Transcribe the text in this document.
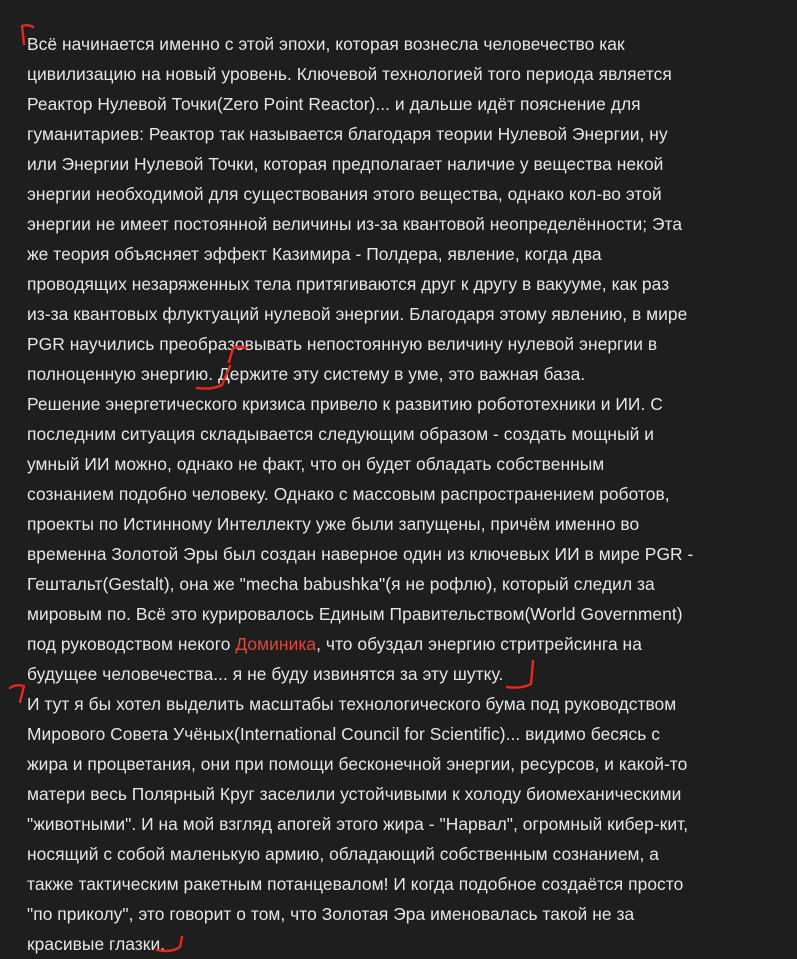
Всё начинается именно с этой эпохи, которая вознесла человечество как
цивилизацию на новый уровень. Ключевой технологией того периода является
Реактор Нулевой Точки(Zero Point Reactor)... и дальше идёт пояснение для
гуманитариев: Реактор так называется благодаря теории Нулевой Энергии, ну
или Энергии Нулевой Точки, которая предполагает наличие у вещества некой
энергии необходимой для существования этого вещества, однако кол-во этой
энергии не имеет постоянной величины из-за квантовой неопределённости; Эта
же теория объясняет эффект Казимира - Полдера, явление, когда два
проводящих незаряженных тела притягиваются друг к другу в вакууме, как раз
из-за квантовых флуктуаций нулевой энергии. Благодаря этому явлению, в мире
PGR научились преобразовывать непостоянную величину нулевой энергии в
полноценную энергию. Держите эту систему в уме, это важная база.

Решение энергетического кризиса привело к развитию робототехники и ИИ. С
последним ситуация складывается следующим образом - создать мощный и
умный ИИ можно, однако не факт, что он будет обладать собственным
сознанием подобно человеку. Однако с массовым распространением роботов,
проекты по Истинному Интеллекту уже были запущены, причём именно во
временна Золотой Эры был создан наверное один из ключевых ИИ в мире PGR -
Гештальт(Gestalt), она же "mecha babushka"(я не рофлю), который следил за
мировым по. Всё это курировалось Единым Правительством(World Government)
под руководством некого Доминика, что обуздал энергию стритрейсинга на
будущее человечества... я не буду извинятся за эту шутку.

И тут я бы хотел выделить масштабы технологического бума под руководством
Мирового Совета Учёных(International Council for Scientific)... видимо бесясь с
жира и процветания, они при помощи бесконечной энергии, ресурсов, и какой-то
матери весь Полярный Круг заселили устойчивыми к холоду биомеханическими
"животными". И на мой взгляд апогей этого жира - "Нарвал", огромный кибер-кит,
носящий с собой маленькую армию, обладающий собственным сознанием, а
также тактическим ракетным потанцевалом! И когда подобное создаётся просто
"по приколу", это говорит о том, что Золотая Эра именовалась такой не за
красивые глазки.
